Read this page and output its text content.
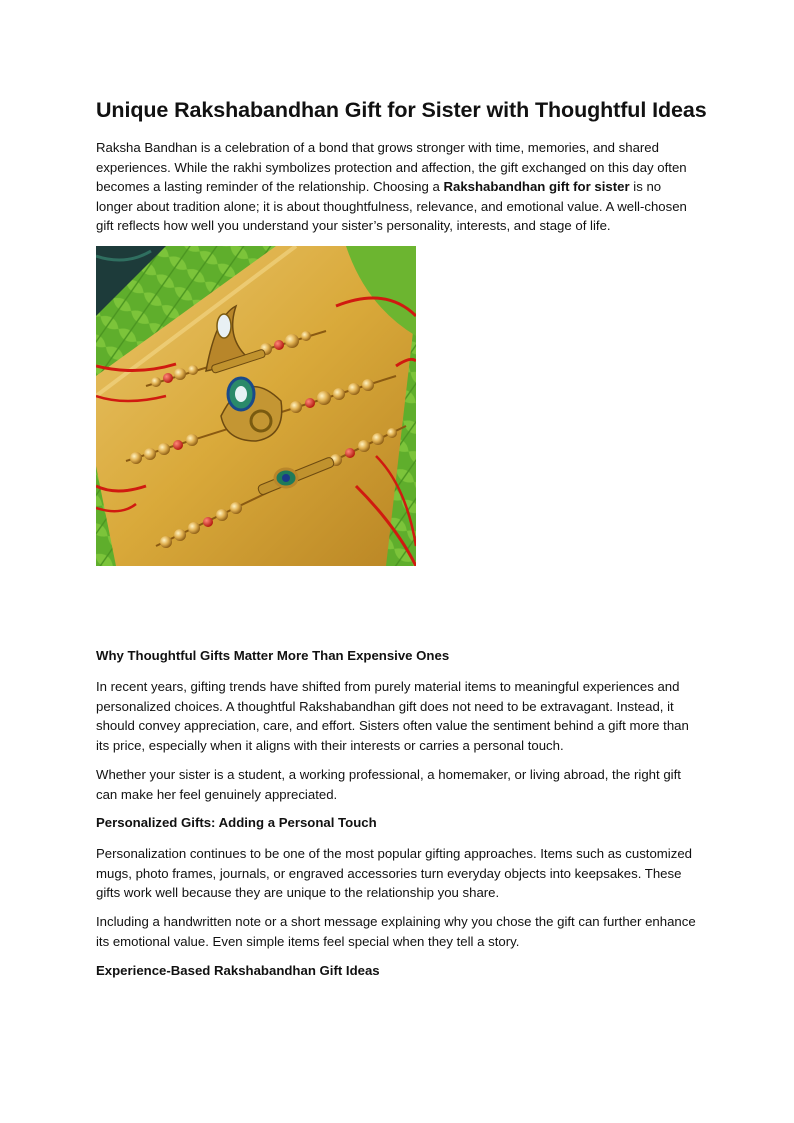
Unique Rakshabandhan Gift for Sister with Thoughtful Ideas

Raksha Bandhan is a celebration of a bond that grows stronger with time, memories, and shared experiences. While the rakhi symbolizes protection and affection, the gift exchanged on this day often becomes a lasting reminder of the relationship. Choosing a Rakshabandhan gift for sister is no longer about tradition alone; it is about thoughtfulness, relevance, and emotional value. A well-chosen gift reflects how well you understand your sister’s personality, interests, and stage of life.

Why Thoughtful Gifts Matter More Than Expensive Ones

In recent years, gifting trends have shifted from purely material items to meaningful experiences and personalized choices. A thoughtful Rakshabandhan gift does not need to be extravagant. Instead, it should convey appreciation, care, and effort. Sisters often value the sentiment behind a gift more than its price, especially when it aligns with their interests or carries a personal touch.

Whether your sister is a student, a working professional, a homemaker, or living abroad, the right gift can make her feel genuinely appreciated.

Personalized Gifts: Adding a Personal Touch

Personalization continues to be one of the most popular gifting approaches. Items such as customized mugs, photo frames, journals, or engraved accessories turn everyday objects into keepsakes. These gifts work well because they are unique to the relationship you share.

Including a handwritten note or a short message explaining why you chose the gift can further enhance its emotional value. Even simple items feel special when they tell a story.

Experience-Based Rakshabandhan Gift Ideas
